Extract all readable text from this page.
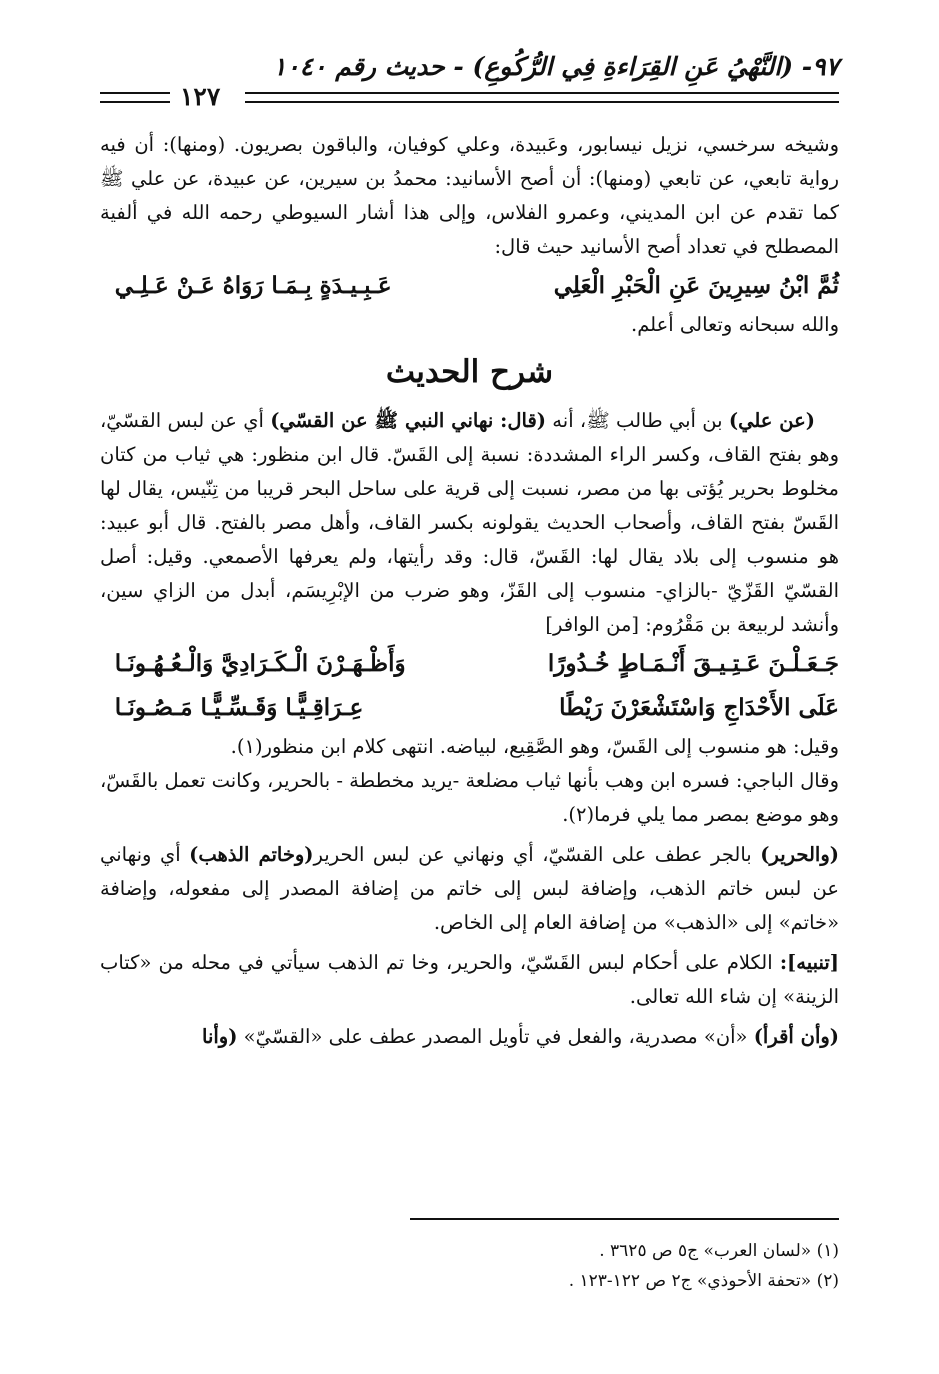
٩٧- (النَّهْيُ عَنِ القِرَاءةِ فِي الرُّكُوعِ) - حديث رقم ١٠٤٠
١٢٧

وشيخه سرخسي، نزيل نيسابور، وعَبيدة، وعلي كوفيان، والباقون بصريون. (ومنها): أن فيه رواية تابعي، عن تابعي (ومنها): أن أصح الأسانيد: محمدُ بن سيرين، عن عبيدة، عن علي ﷺ كما تقدم عن ابن المديني، وعمرو الفلاس، وإلى هذا أشار السيوطي رحمه الله في ألفية المصطلح في تعداد أصح الأسانيد حيث قال:

ثُمَّ ابْنُ سِيرِينَ عَنِ الْحَبْرِ الْعَلِيعَـبِـيـدَةٍ بِـمَـا رَوَاهُ عَـنْ عَـلِـي

والله سبحانه وتعالى أعلم.

شرح الحديث

(عن علي) بن أبي طالب ﷺ، أنه (قال: نهاني النبي ﷺ عن القسّي) أي عن لبس القسّيّ، وهو بفتح القاف، وكسر الراء المشددة: نسبة إلى القَسّ. قال ابن منظور: هي ثياب من كتان مخلوط بحرير يُؤتى بها من مصر، نسبت إلى قرية على ساحل البحر قريبا من تِنّيس، يقال لها القَسّ بفتح القاف، وأصحاب الحديث يقولونه بكسر القاف، وأهل مصر بالفتح. قال أبو عبيد: هو منسوب إلى بلاد يقال لها: القَسّ، قال: وقد رأيتها، ولم يعرفها الأصمعي. وقيل: أصل القسّيّ القَزّيّ -بالزاي- منسوب إلى القَزّ، وهو ضرب من الإبْرِيسَم، أبدل من الزاي سين، وأنشد لربيعة بن مَقْرُوم: [من الوافر]

جَـعَـلْـنَ عَـتِـيـقَ أَنْـمَـاطٍ خُـدُورًاوَأَظْـهَـرْنَ الْـكَـرَادِيَّ وَالْـعُـهُـونَـا
عَلَى الأَحْدَاجِ وَاسْتَشْعَرْنَ رَيْطًاعِـرَاقِـيًّـا وَقَـسِّـيًّـا مَـصُـونَـا

وقيل: هو منسوب إلى القَسّ، وهو الصَّقِيع، لبياضه. انتهى كلام ابن منظور(١).

وقال الباجي: فسره ابن وهب بأنها ثياب مضلعة -يريد مخططة - بالحرير، وكانت تعمل بالقَسّ، وهو موضع بمصر مما يلي فرما(٢).

(والحرير) بالجر عطف على القسّيّ، أي ونهاني عن لبس الحرير(وخاتم الذهب) أي ونهاني عن لبس خاتم الذهب، وإضافة لبس إلى خاتم من إضافة المصدر إلى مفعوله، وإضافة «خاتم» إلى «الذهب» من إضافة العام إلى الخاص.

[تنبيه]: الكلام على أحكام لبس القَسّيّ، والحرير، وخا تم الذهب سيأتي في محله من «كتاب الزينة» إن شاء الله تعالى.

(وأن أقرأ) «أن» مصدرية، والفعل في تأويل المصدر عطف على «القسّيّ» (وأنا

(١) «لسان العرب» ج٥ ص ٣٦٢٥ .
(٢) «تحفة الأحوذي» ج٢ ص ١٢٢-١٢٣ .
